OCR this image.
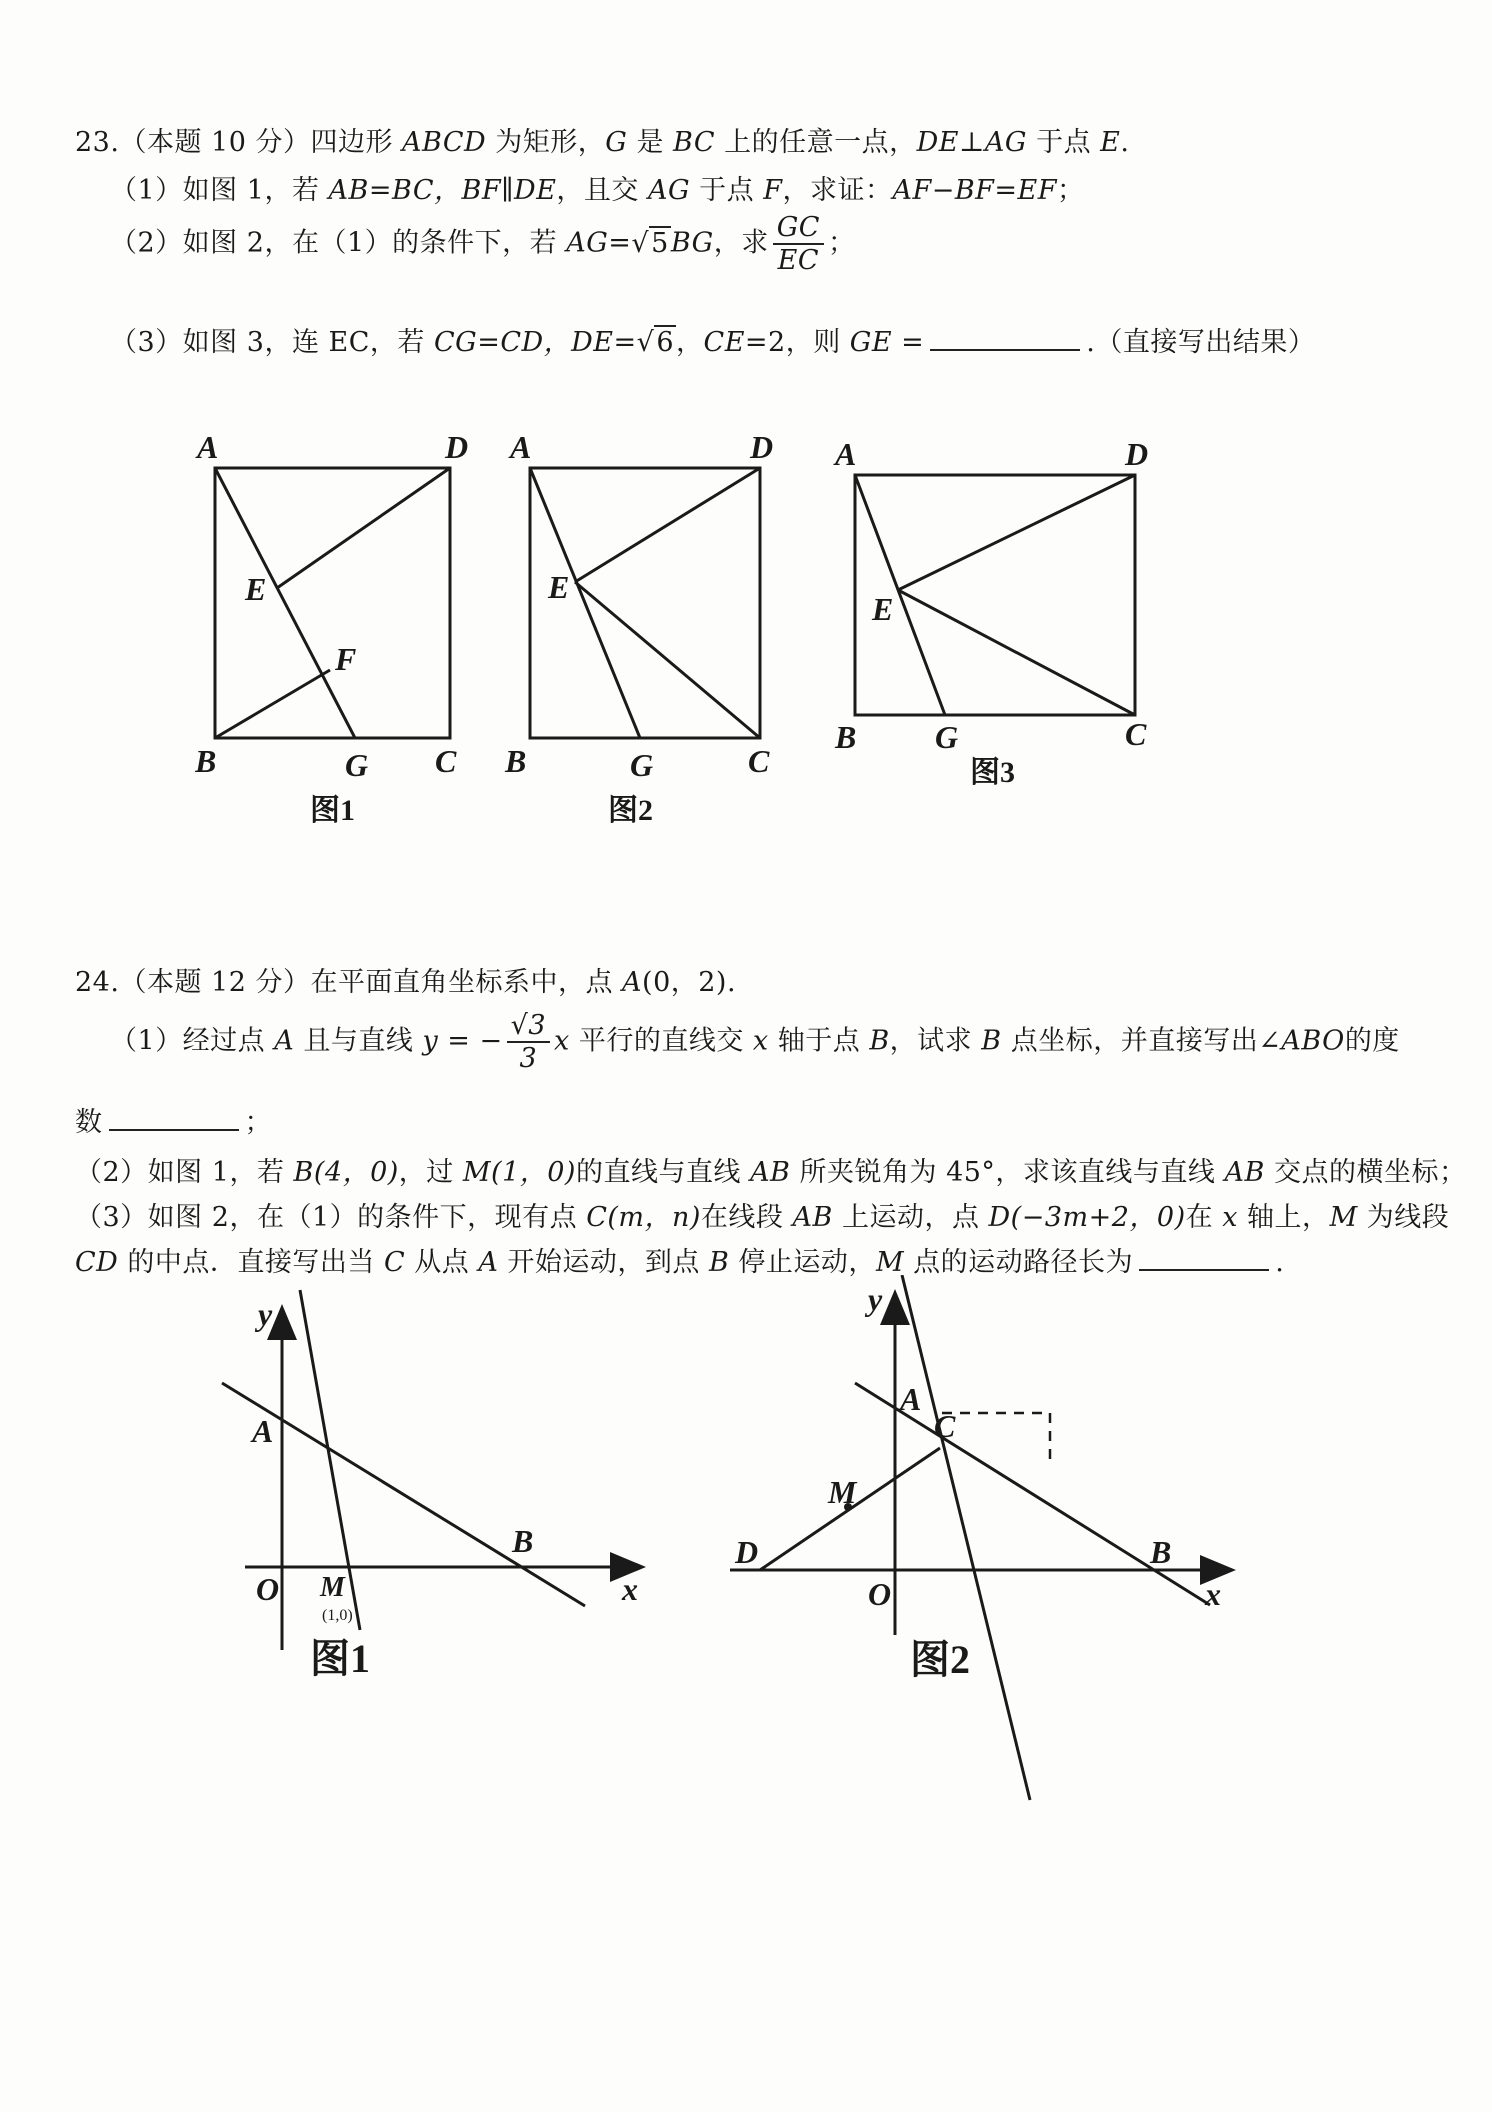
23.（本题 10 分）四边形 ABCD 为矩形，G 是 BC 上的任意一点，DE⊥AG 于点 E.
（1）如图 1，若 AB=BC，BF∥DE，且交 AG 于点 F，求证：AF−BF=EF；
（2）如图 2，在（1）的条件下，若 AG=√5BG，求 $\frac{GC}{EC}$ ；
（3）如图 3，连 EC，若 CG=CD，DE=√6，CE=2，则 GE =	.（直接写出结果）
A	D
E
F
B	G C
图1
A	D
E
B	G	C
图2
A	D
E
B G	C
图3
24.（本题 12 分）在平面直角坐标系中，点 A(0，2).
（1）经过点 A 且与直线 y = − $\frac{√3}{3}$ x 平行的直线交 x 轴于点 B，试求 B 点坐标，并直接写出∠ABO的度
数	；
（2）如图 1，若 B(4，0)，过 M(1，0)的直线与直线 AB 所夹锐角为 45°，求该直线与直线 AB 交点的横坐标；
（3）如图 2，在（1）的条件下，现有点 C(m，n)在线段 AB 上运动，点 D(−3m+2，0)在 x 轴上，M 为线段
CD 的中点．直接写出当 C 从点 A 开始运动，到点 B 停止运动，M 点的运动路径长为	.
y
x
O
A
B
M
(1,0)
图1
y
x
O
A
C
M
D	B
图2
